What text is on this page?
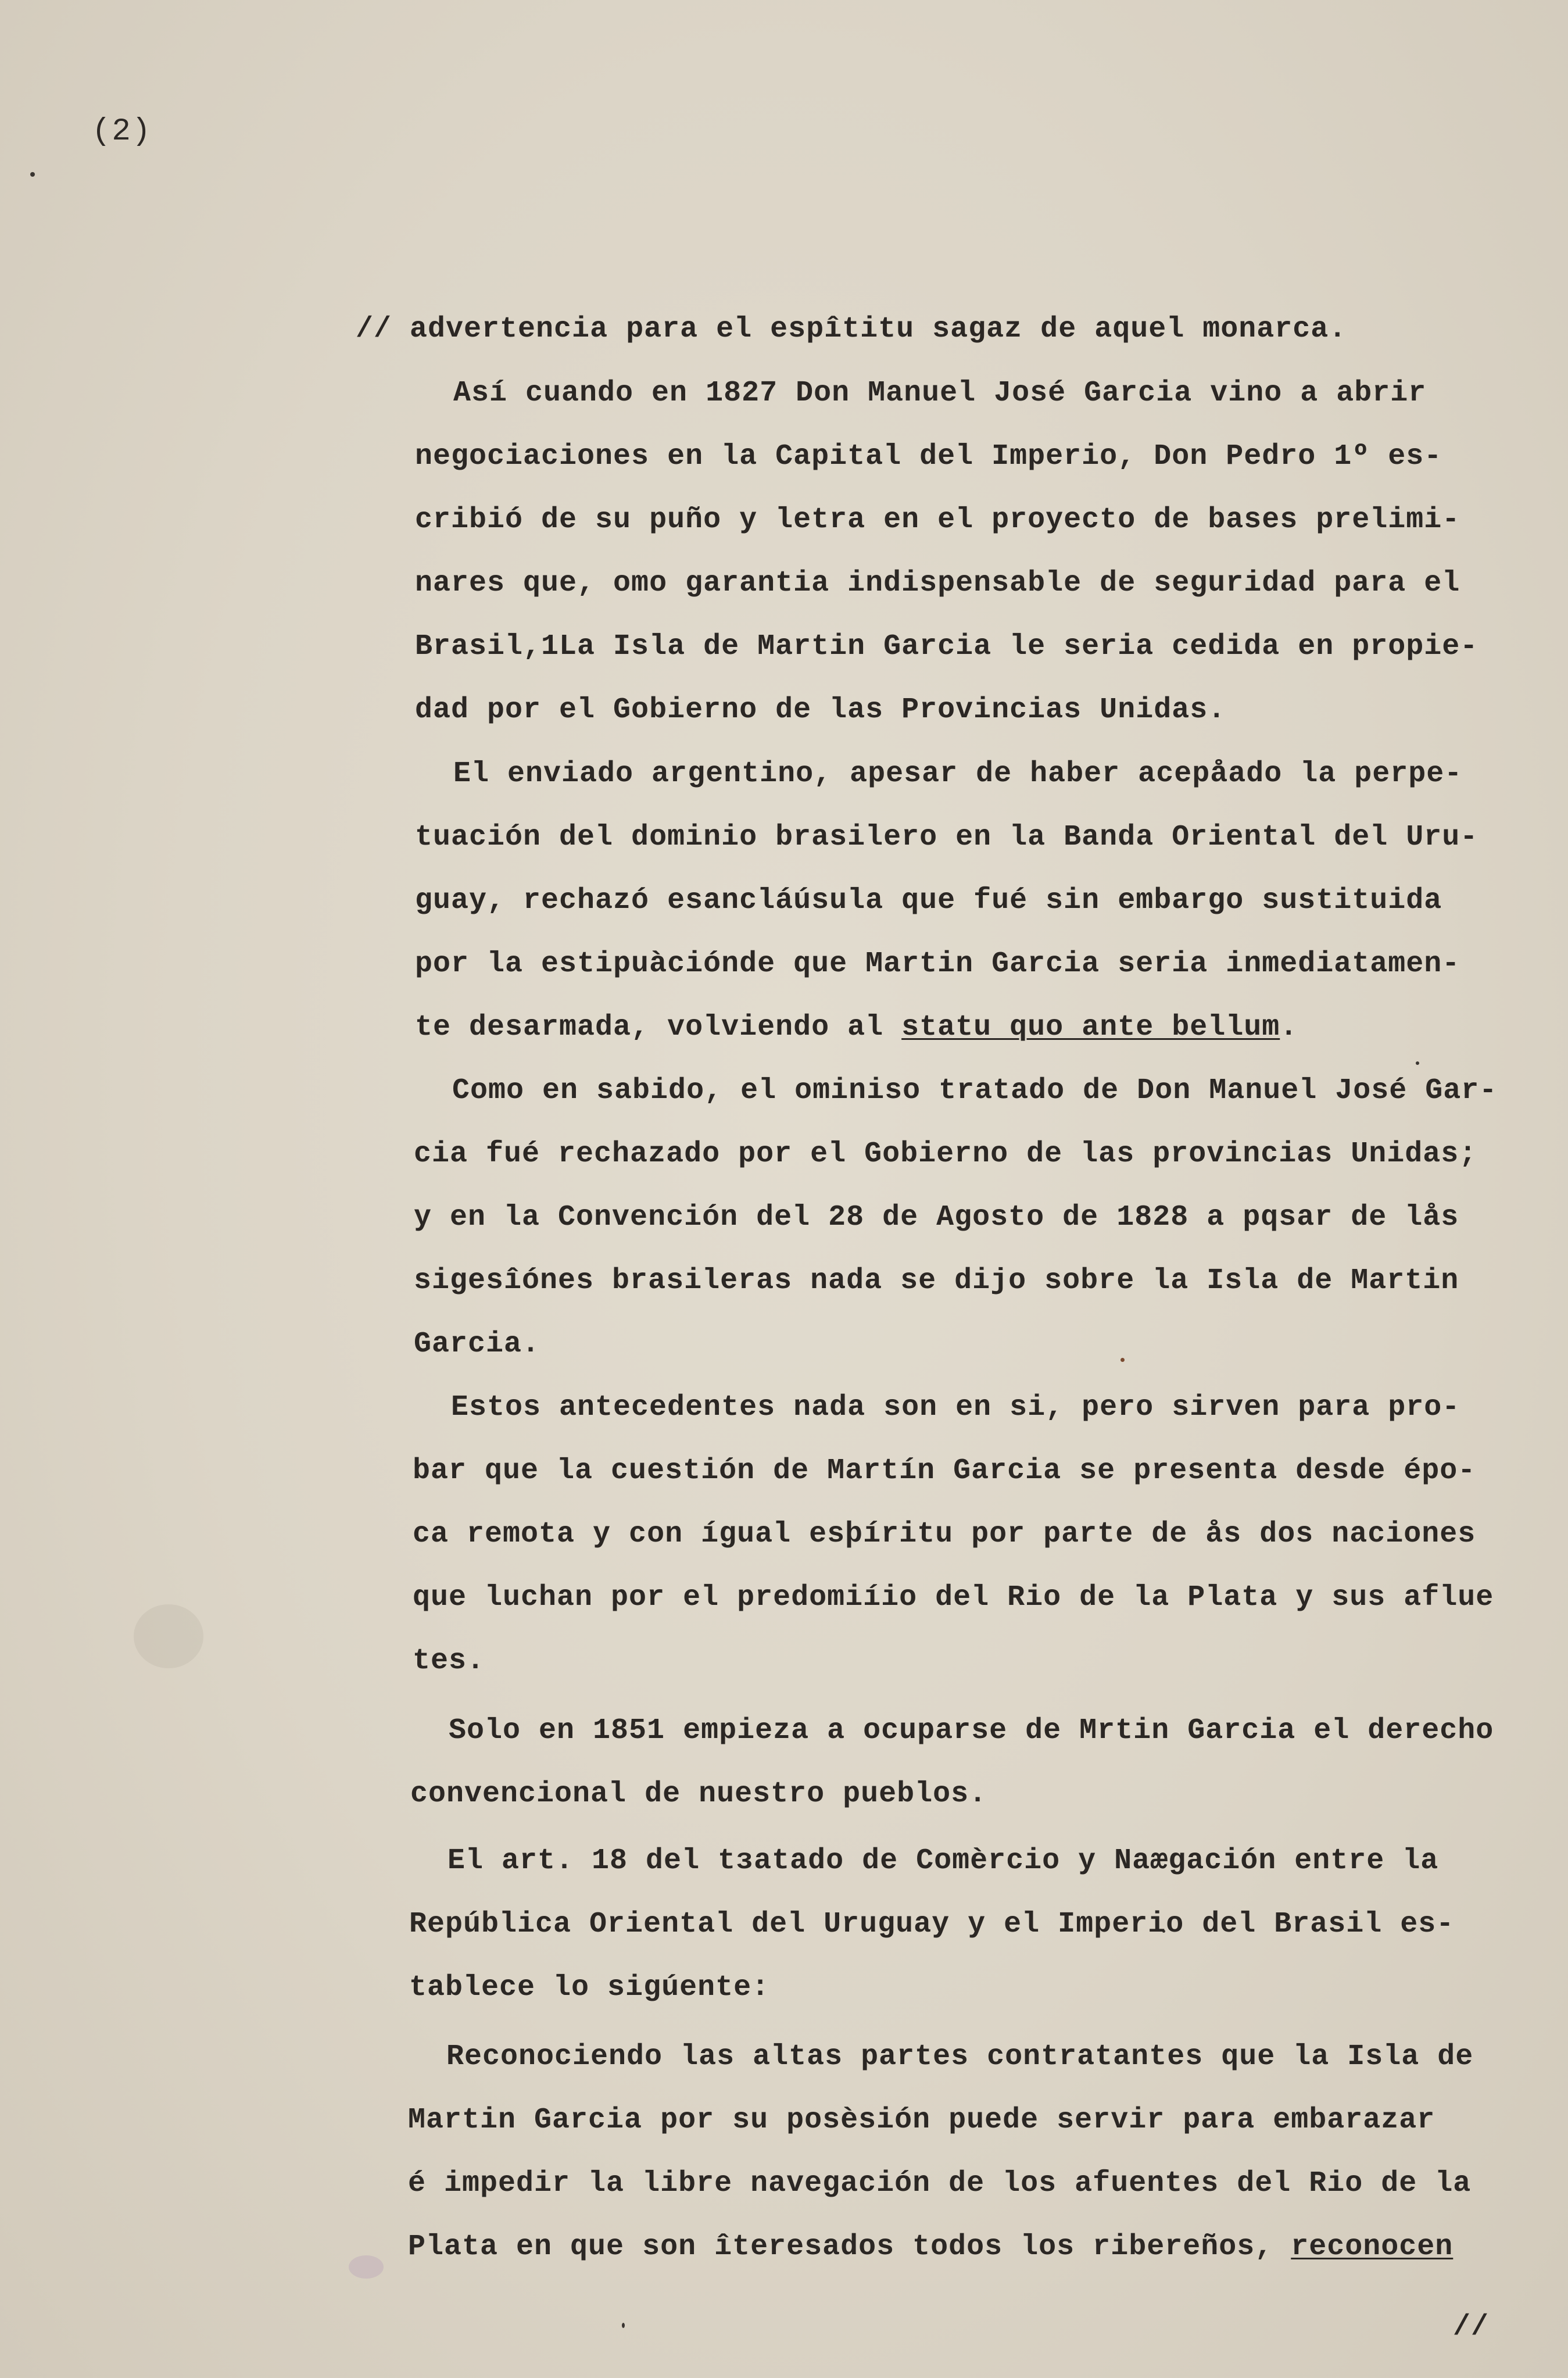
(2)
// advertencia para el espîtitu sagaz de aquel monarca.
Así cuando en 1827 Don Manuel José Garcia vino a abrir
negociaciones en la Capital del Imperio, Don Pedro 1º es-
cribió de su puño y letra en el proyecto de bases prelimi-
nares que, omo garantia indispensable de seguridad para el
Brasil,1La Isla de Martin Garcia le seria cedida en propie-
dad por el Gobierno de las Provincias Unidas.
El enviado argentino, apesar de haber acepåado la perpe-
tuación del dominio brasilero en la Banda Oriental del Uru-
guay, rechazó esancláúsula que fué sin embargo sustituida
por la estipuàcióndе que Martin Garcia seria inmediatamen-
te desarmada, volviendo al statu quo ante bellum.
Como en sabido, el ominiso tratado de Don Manuel José Gar-
cia fué rechazado por el Gobierno de las provincias Unidas;
y en la Convención del 28 de Agosto de 1828 a pqsar de lås
sigesîónes brasileras nada se dijo sobre la Isla de Martin
Garcia.
Estos antecedentes nada son en si, pero sirven para pro-
bar que la cuestión de Martín Garcia se presenta desde épo-
ca remota y con ígual esþíritu por parte de ås dos naciones
que luchan por el predomiíio del Rio de la Plata y sus aflue
tes.
Solo en 1851 empieza a ocuparse de Mrtin Garcia el derecho
convencional de nuestro pueblos.
El art. 18 del tзatado de Comèrcio y Naægación entre la
República Oriental del Uruguay y el Imperio del Brasil es-
tablece lo sigúente:
Reconociendo las altas partes contratantes que la Isla de
Martin Garcia por su posèsión puede servir para embarazar
é impedir la libre navegación de los afuentes del Rio de la
Plata en que son îteresados todos los ribereños, reconocen
//
